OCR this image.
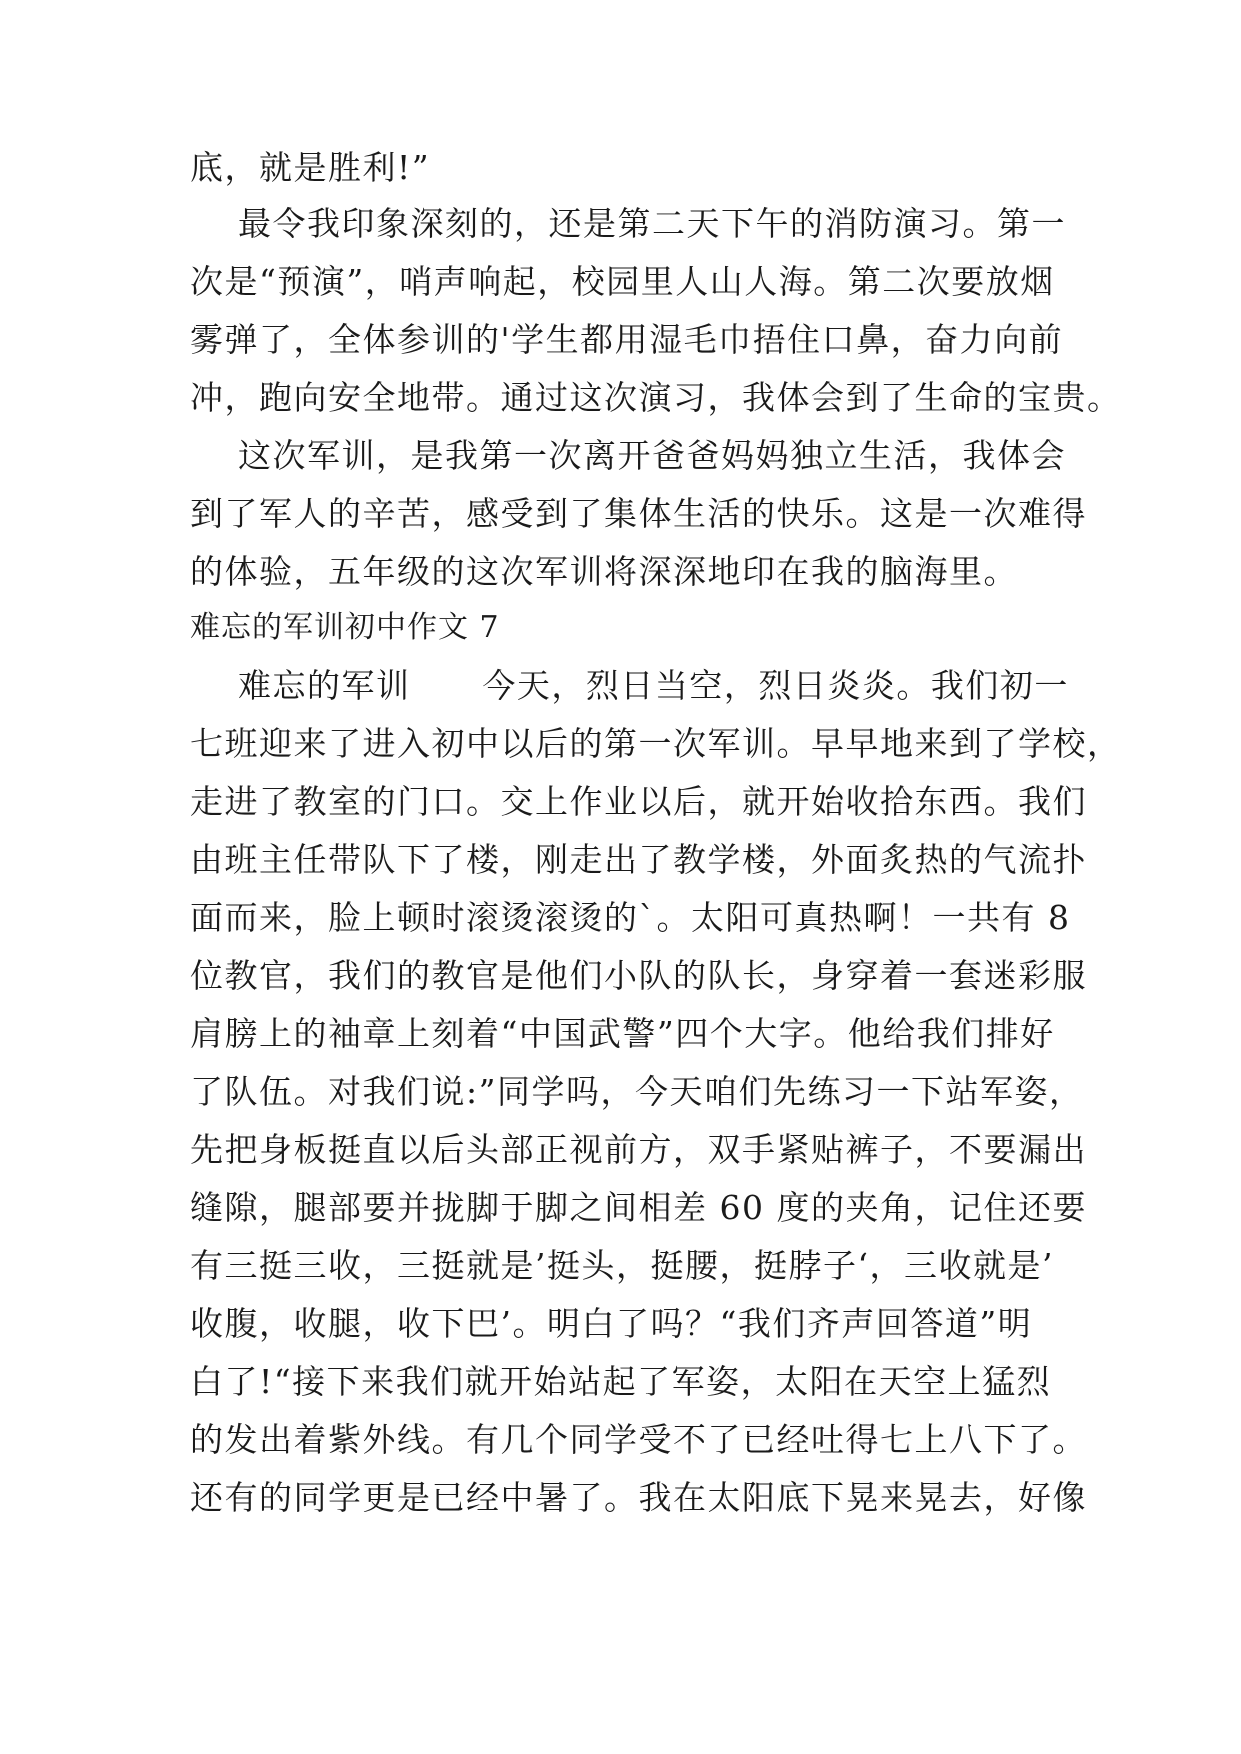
底，就是胜利!”
最令我印象深刻的，还是第二天下午的消防演习。第一
次是“预演”，哨声响起，校园里人山人海。第二次要放烟
雾弹了，全体参训的'学生都用湿毛巾捂住口鼻，奋力向前
冲，跑向安全地带。通过这次演习，我体会到了生命的宝贵。
这次军训，是我第一次离开爸爸妈妈独立生活，我体会
到了军人的辛苦，感受到了集体生活的快乐。这是一次难得
的体验，五年级的这次军训将深深地印在我的脑海里。
难忘的军训初中作文 7
难忘的军训      今天，烈日当空，烈日炎炎。我们初一
七班迎来了进入初中以后的第一次军训。早早地来到了学校，
走进了教室的门口。交上作业以后，就开始收拾东西。我们
由班主任带队下了楼，刚走出了教学楼，外面炙热的气流扑
面而来，脸上顿时滚烫滚烫的`。太阳可真热啊！一共有 8
位教官，我们的教官是他们小队的队长，身穿着一套迷彩服
肩膀上的袖章上刻着“中国武警”四个大字。他给我们排好
了队伍。对我们说:”同学吗，今天咱们先练习一下站军姿，
先把身板挺直以后头部正视前方，双手紧贴裤子，不要漏出
缝隙，腿部要并拢脚于脚之间相差 60 度的夹角，记住还要
有三挺三收，三挺就是’挺头，挺腰，挺脖子‘，三收就是’
收腹，收腿，收下巴’。明白了吗？“我们齐声回答道”明
白了!“接下来我们就开始站起了军姿，太阳在天空上猛烈
的发出着紫外线。有几个同学受不了已经吐得七上八下了。
还有的同学更是已经中暑了。我在太阳底下晃来晃去，好像
